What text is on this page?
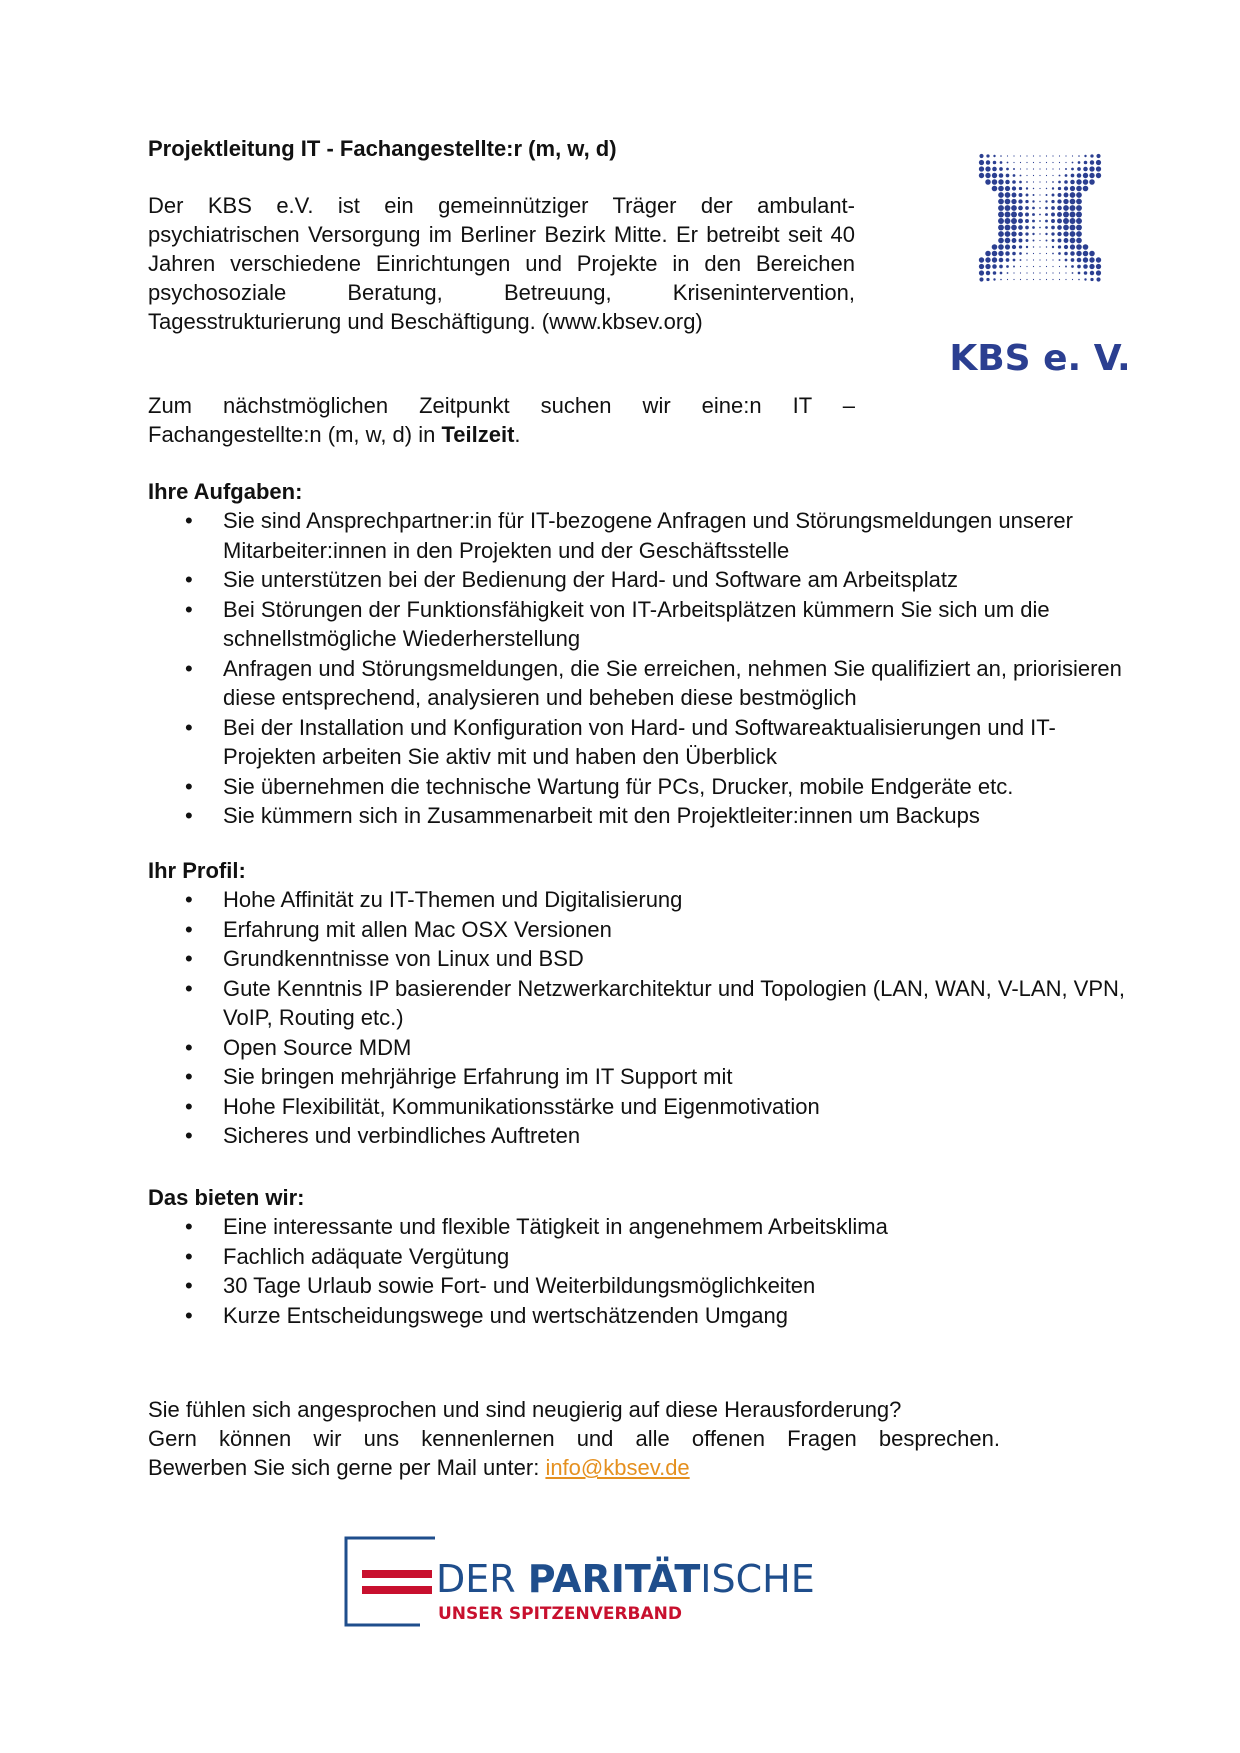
Projektleitung IT - Fachangestellte:r (m, w, d)

Der KBS e.V. ist ein gemeinnütziger Träger der ambulant-psychiatrischen Versorgung im Berliner Bezirk Mitte. Er betreibt seit 40 Jahren verschiedene Einrichtungen und Projekte in den Bereichen psychosoziale Beratung, Betreuung, Krisenintervention, Tagesstrukturierung und Beschäftigung. (www.kbsev.org)

Zum nächstmöglichen Zeitpunkt suchen wir eine:n IT – Fachangestellte:n (m, w, d) in Teilzeit.

KBS e. V.
Ihre Aufgaben:
• Sie sind Ansprechpartner:in für IT-bezogene Anfragen und Störungsmeldungen unserer Mitarbeiter:innen in den Projekten und der Geschäftsstelle
• Sie unterstützen bei der Bedienung der Hard- und Software am Arbeitsplatz
• Bei Störungen der Funktionsfähigkeit von IT-Arbeitsplätzen kümmern Sie sich um die schnellstmögliche Wiederherstellung
• Anfragen und Störungsmeldungen, die Sie erreichen, nehmen Sie qualifiziert an, priorisieren diese entsprechend, analysieren und beheben diese bestmöglich
• Bei der Installation und Konfiguration von Hard- und Softwareaktualisierungen und IT-Projekten arbeiten Sie aktiv mit und haben den Überblick
• Sie übernehmen die technische Wartung für PCs, Drucker, mobile Endgeräte etc.
• Sie kümmern sich in Zusammenarbeit mit den Projektleiter:innen um Backups
Ihr Profil:
• Hohe Affinität zu IT-Themen und Digitalisierung
• Erfahrung mit allen Mac OSX Versionen
• Grundkenntnisse von Linux und BSD
• Gute Kenntnis IP basierender Netzwerkarchitektur und Topologien (LAN, WAN, V-LAN, VPN, VoIP, Routing etc.)
• Open Source MDM
• Sie bringen mehrjährige Erfahrung im IT Support mit
• Hohe Flexibilität, Kommunikationsstärke und Eigenmotivation
• Sicheres und verbindliches Auftreten
Das bieten wir:
• Eine interessante und flexible Tätigkeit in angenehmem Arbeitsklima
• Fachlich adäquate Vergütung
• 30 Tage Urlaub sowie Fort- und Weiterbildungsmöglichkeiten
• Kurze Entscheidungswege und wertschätzenden Umgang

Sie fühlen sich angesprochen und sind neugierig auf diese Herausforderung?
Gern können wir uns kennenlernen und alle offenen Fragen besprechen.
Bewerben Sie sich gerne per Mail unter: info@kbsev.de

DER PARITÄTISCHE
UNSER SPITZENVERBAND
